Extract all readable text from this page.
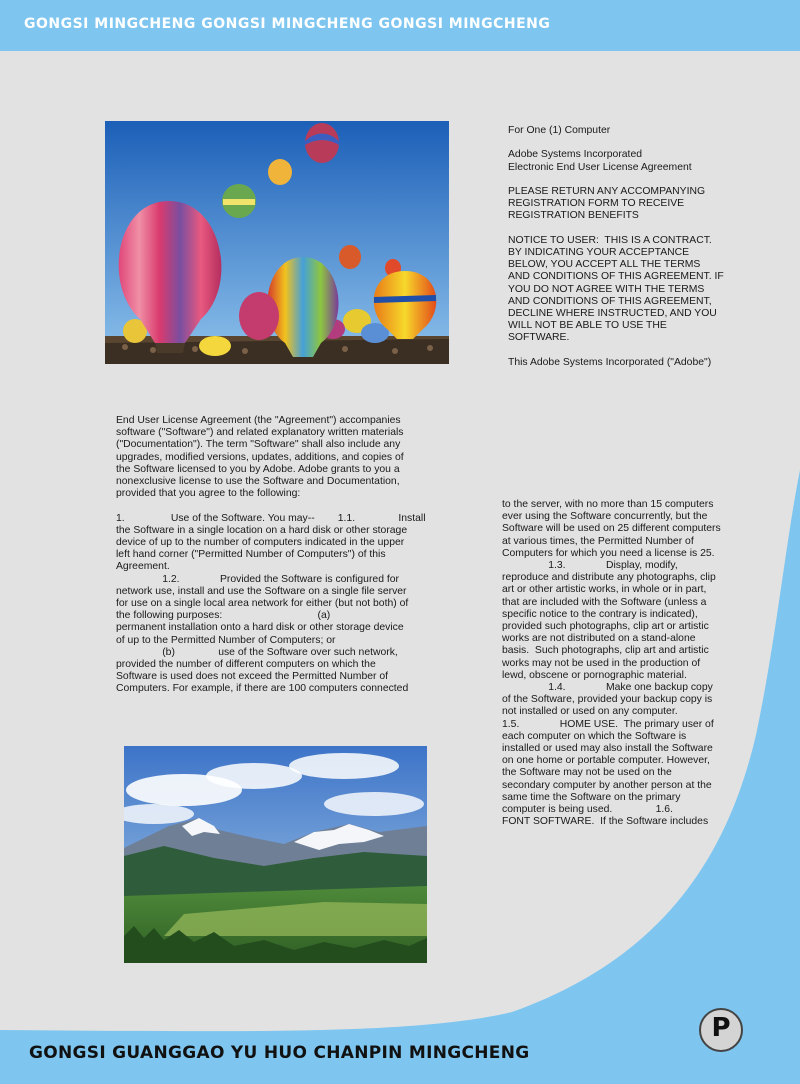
GONGSI MINGCHENG GONGSI MINGCHENG GONGSI MINGCHENG
For One (1) Computer

Adobe Systems Incorporated
Electronic End User License Agreement

PLEASE RETURN ANY ACCOMPANYING
REGISTRATION FORM TO RECEIVE
REGISTRATION BENEFITS

NOTICE TO USER:  THIS IS A CONTRACT.
BY INDICATING YOUR ACCEPTANCE
BELOW, YOU ACCEPT ALL THE TERMS
AND CONDITIONS OF THIS AGREEMENT. IF
YOU DO NOT AGREE WITH THE TERMS
AND CONDITIONS OF THIS AGREEMENT,
DECLINE WHERE INSTRUCTED, AND YOU
WILL NOT BE ABLE TO USE THE
SOFTWARE.

This Adobe Systems Incorporated ("Adobe")
End User License Agreement (the "Agreement") accompanies
software ("Software") and related explanatory written materials
("Documentation"). The term "Software" shall also include any
upgrades, modified versions, updates, additions, and copies of
the Software licensed to you by Adobe. Adobe grants to you a
nonexclusive license to use the Software and Documentation,
provided that you agree to the following:

1.                Use of the Software. You may--        1.1.               Install
the Software in a single location on a hard disk or other storage
device of up to the number of computers indicated in the upper
left hand corner ("Permitted Number of Computers") of this
Agreement.
1.2.              Provided the Software is configured for
network use, install and use the Software on a single file server
for use on a single local area network for either (but not both) of
the following purposes:                                 (a)
permanent installation onto a hard disk or other storage device
of up to the Permitted Number of Computers; or
(b)               use of the Software over such network,
provided the number of different computers on which the
Software is used does not exceed the Permitted Number of
Computers. For example, if there are 100 computers connected
to the server, with no more than 15 computers
ever using the Software concurrently, but the
Software will be used on 25 different computers
at various times, the Permitted Number of
Computers for which you need a license is 25.
1.3.              Display, modify,
reproduce and distribute any photographs, clip
art or other artistic works, in whole or in part,
that are included with the Software (unless a
specific notice to the contrary is indicated),
provided such photographs, clip art or artistic
works are not distributed on a stand-alone
basis.  Such photographs, clip art and artistic
works may not be used in the production of
lewd, obscene or pornographic material.
1.4.              Make one backup copy
of the Software, provided your backup copy is
not installed or used on any computer.
1.5.              HOME USE.  The primary user of
each computer on which the Software is
installed or used may also install the Software
on one home or portable computer. However,
the Software may not be used on the
secondary computer by another person at the
same time the Software on the primary
computer is being used.               1.6.
FONT SOFTWARE.  If the Software includes
GONGSI GUANGGAO YU HUO CHANPIN MINGCHENG
P
